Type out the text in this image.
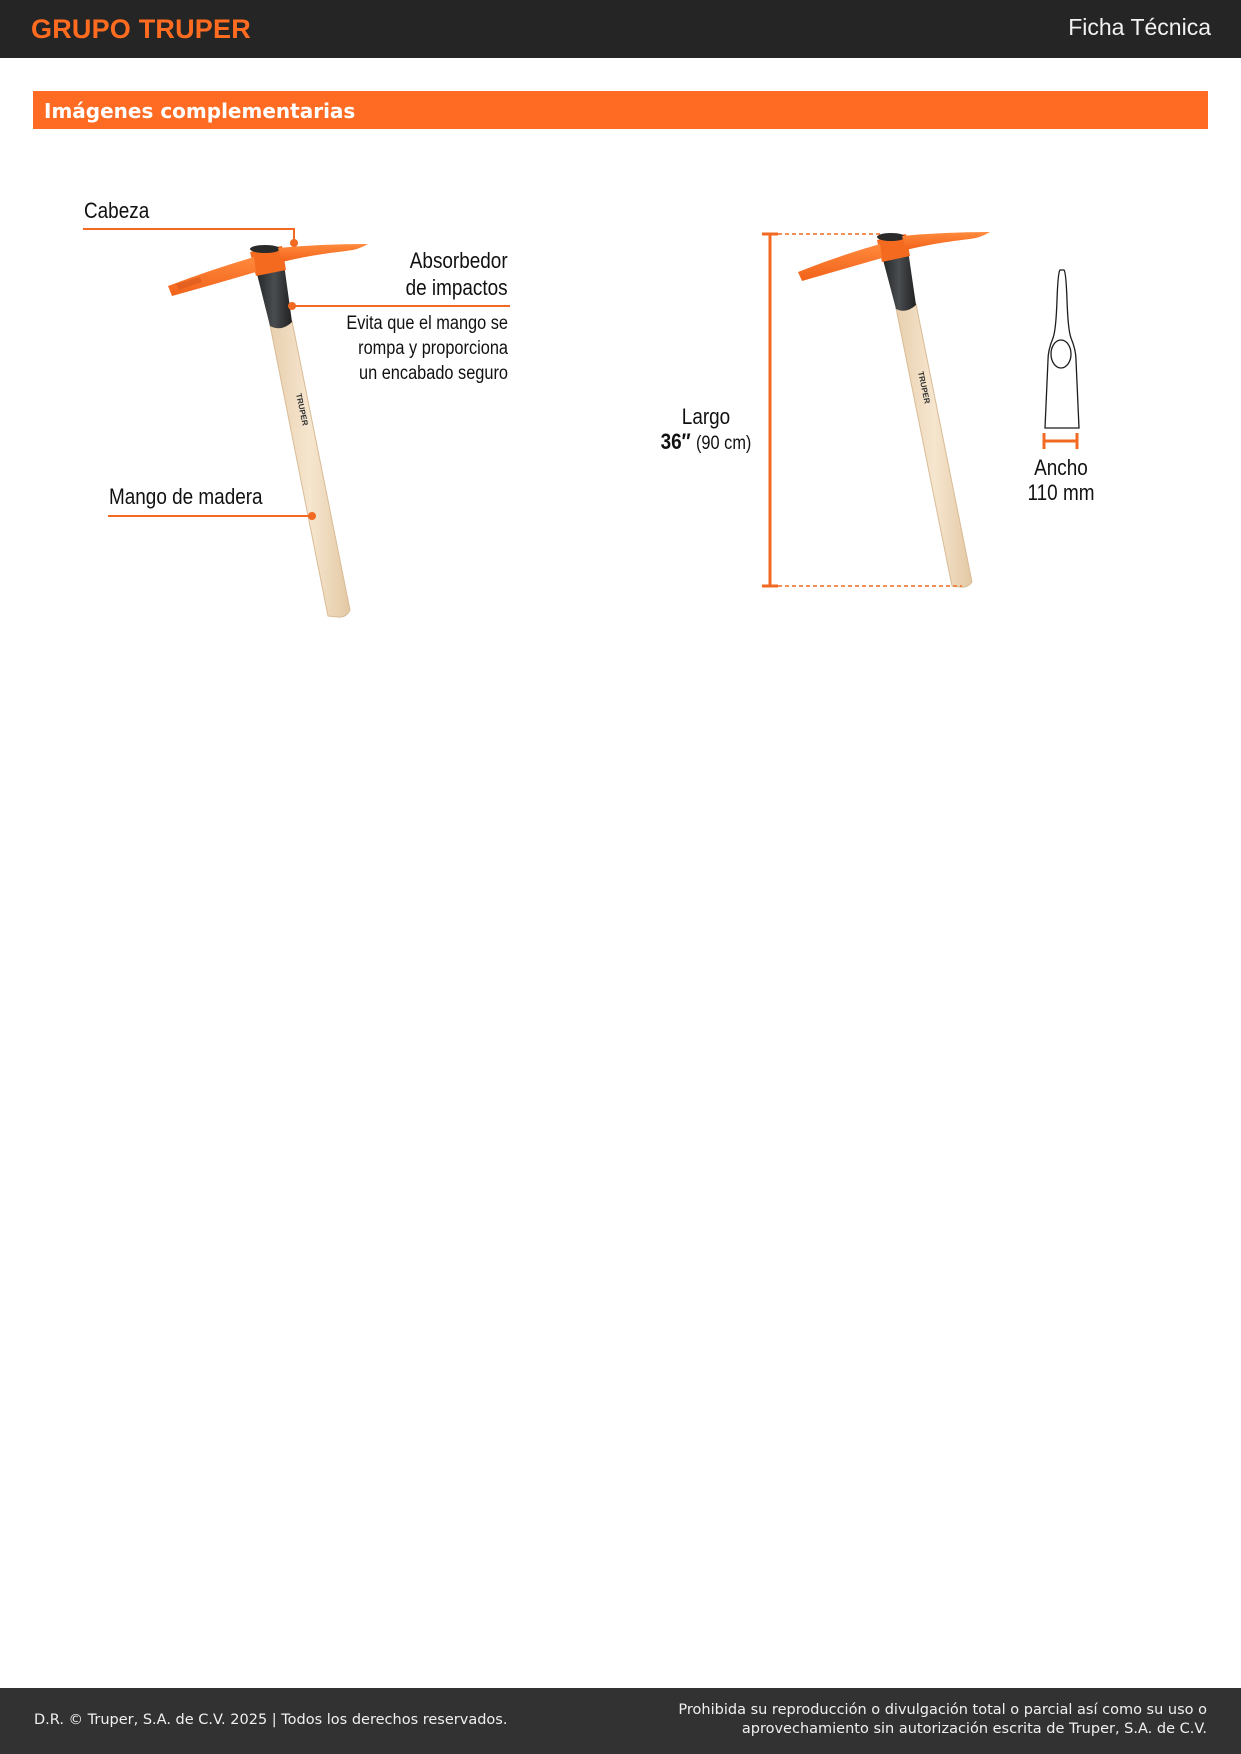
GRUPO TRUPER	Ficha Técnica
Imágenes complementarias
TRUPER
TRUPER
Cabeza
Absorbedor
de impactos
Evita que el mango se
rompa y proporciona
un encabado seguro
Mango de madera
Largo
36″ (90 cm)
Ancho
110 mm
D.R. © Truper, S.A. de C.V. 2025 | Todos los derechos reservados.
Prohibida su reproducción o divulgación total o parcial así como su uso o
aprovechamiento sin autorización escrita de Truper, S.A. de C.V.
